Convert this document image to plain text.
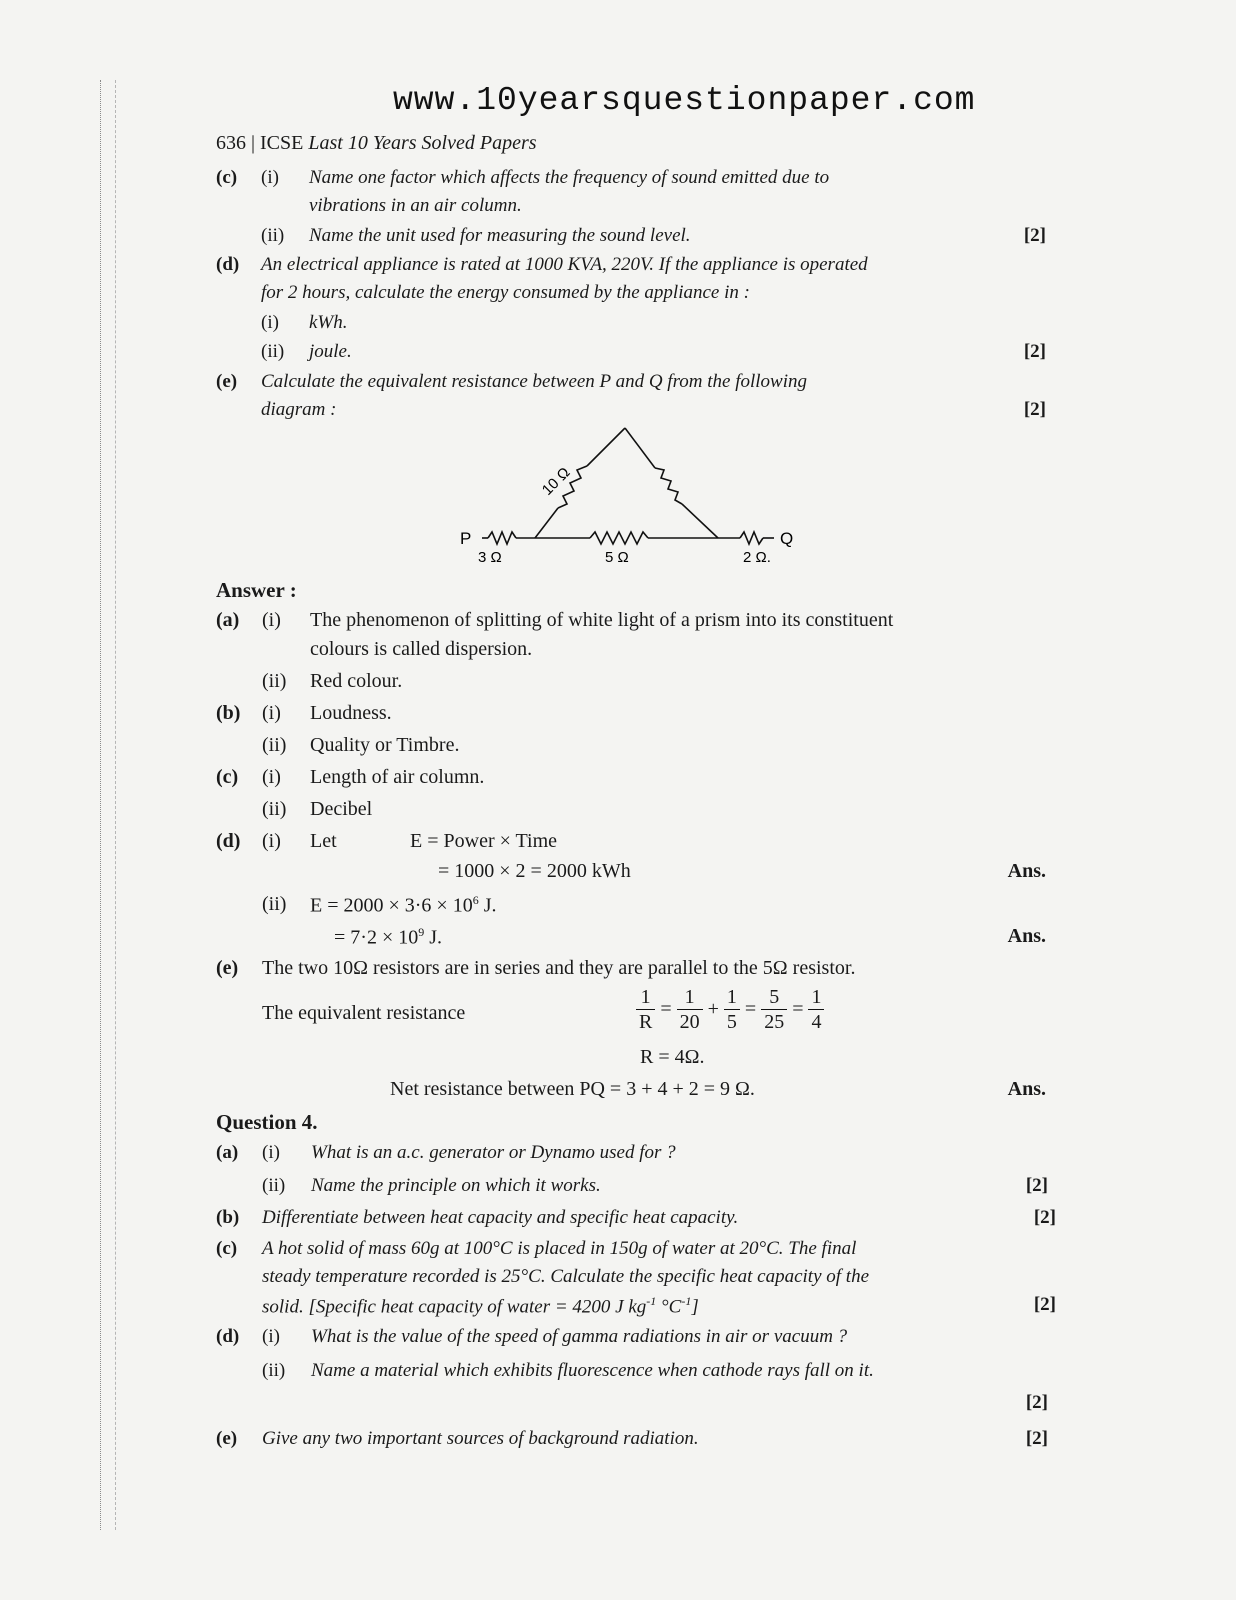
www.10yearsquestionpaper.com
636 | ICSE Last 10 Years Solved Papers
(c) (i) Name one factor which affects the frequency of sound emitted due to
vibrations in an air column.
(ii) Name the unit used for measuring the sound level.	[2]
(d) An electrical appliance is rated at 1000 KVA, 220V. If the appliance is operated
for 2 hours, calculate the energy consumed by the appliance in :
(i) kWh.
(ii) joule.	[2]
(e) Calculate the equivalent resistance between P and Q from the following
diagram :	[2]
P	Q
10 Ω
3 Ω	5 Ω	2 Ω.
Answer :
(a) (i) The phenomenon of splitting of white light of a prism into its constituent
colours is called dispersion.
(ii) Red colour.
(b) (i) Loudness.
(ii) Quality or Timbre.
(c) (i) Length of air column.
(ii) Decibel
(d) (i) Let	E = Power × Time
= 1000 × 2 = 2000 kWh	Ans.
(ii) $E = 2000 \times 3\cdot 6 \times 10^6$ J.
= $7\cdot 2 \times 10^9$ J.	Ans.
(e) The two 10Ω resistors are in series and they are parallel to the 5Ω resistor.
The equivalent resistance	$\frac{1}{R} = \frac{1}{20} + \frac{1}{5} = \frac{5}{25} = \frac{1}{4}$
R = 4Ω.
Net resistance between PQ = 3 + 4 + 2 = 9 Ω.	Ans.
Question 4.
(a) (i) What is an a.c. generator or Dynamo used for ?
(ii) Name the principle on which it works.	[2]
(b) Differentiate between heat capacity and specific heat capacity.	[2]
(c) A hot solid of mass 60g at 100°C is placed in 150g of water at 20°C. The final
steady temperature recorded is 25°C. Calculate the specific heat capacity of the
solid. [Specific heat capacity of water = 4200 J $kg^{-1}$ $^\circ C^{-1}$]	[2]
(d) (i) What is the value of the speed of gamma radiations in air or vacuum ?
(ii) Name a material which exhibits fluorescence when cathode rays fall on it.
[2]
(e) Give any two important sources of background radiation.	[2]
